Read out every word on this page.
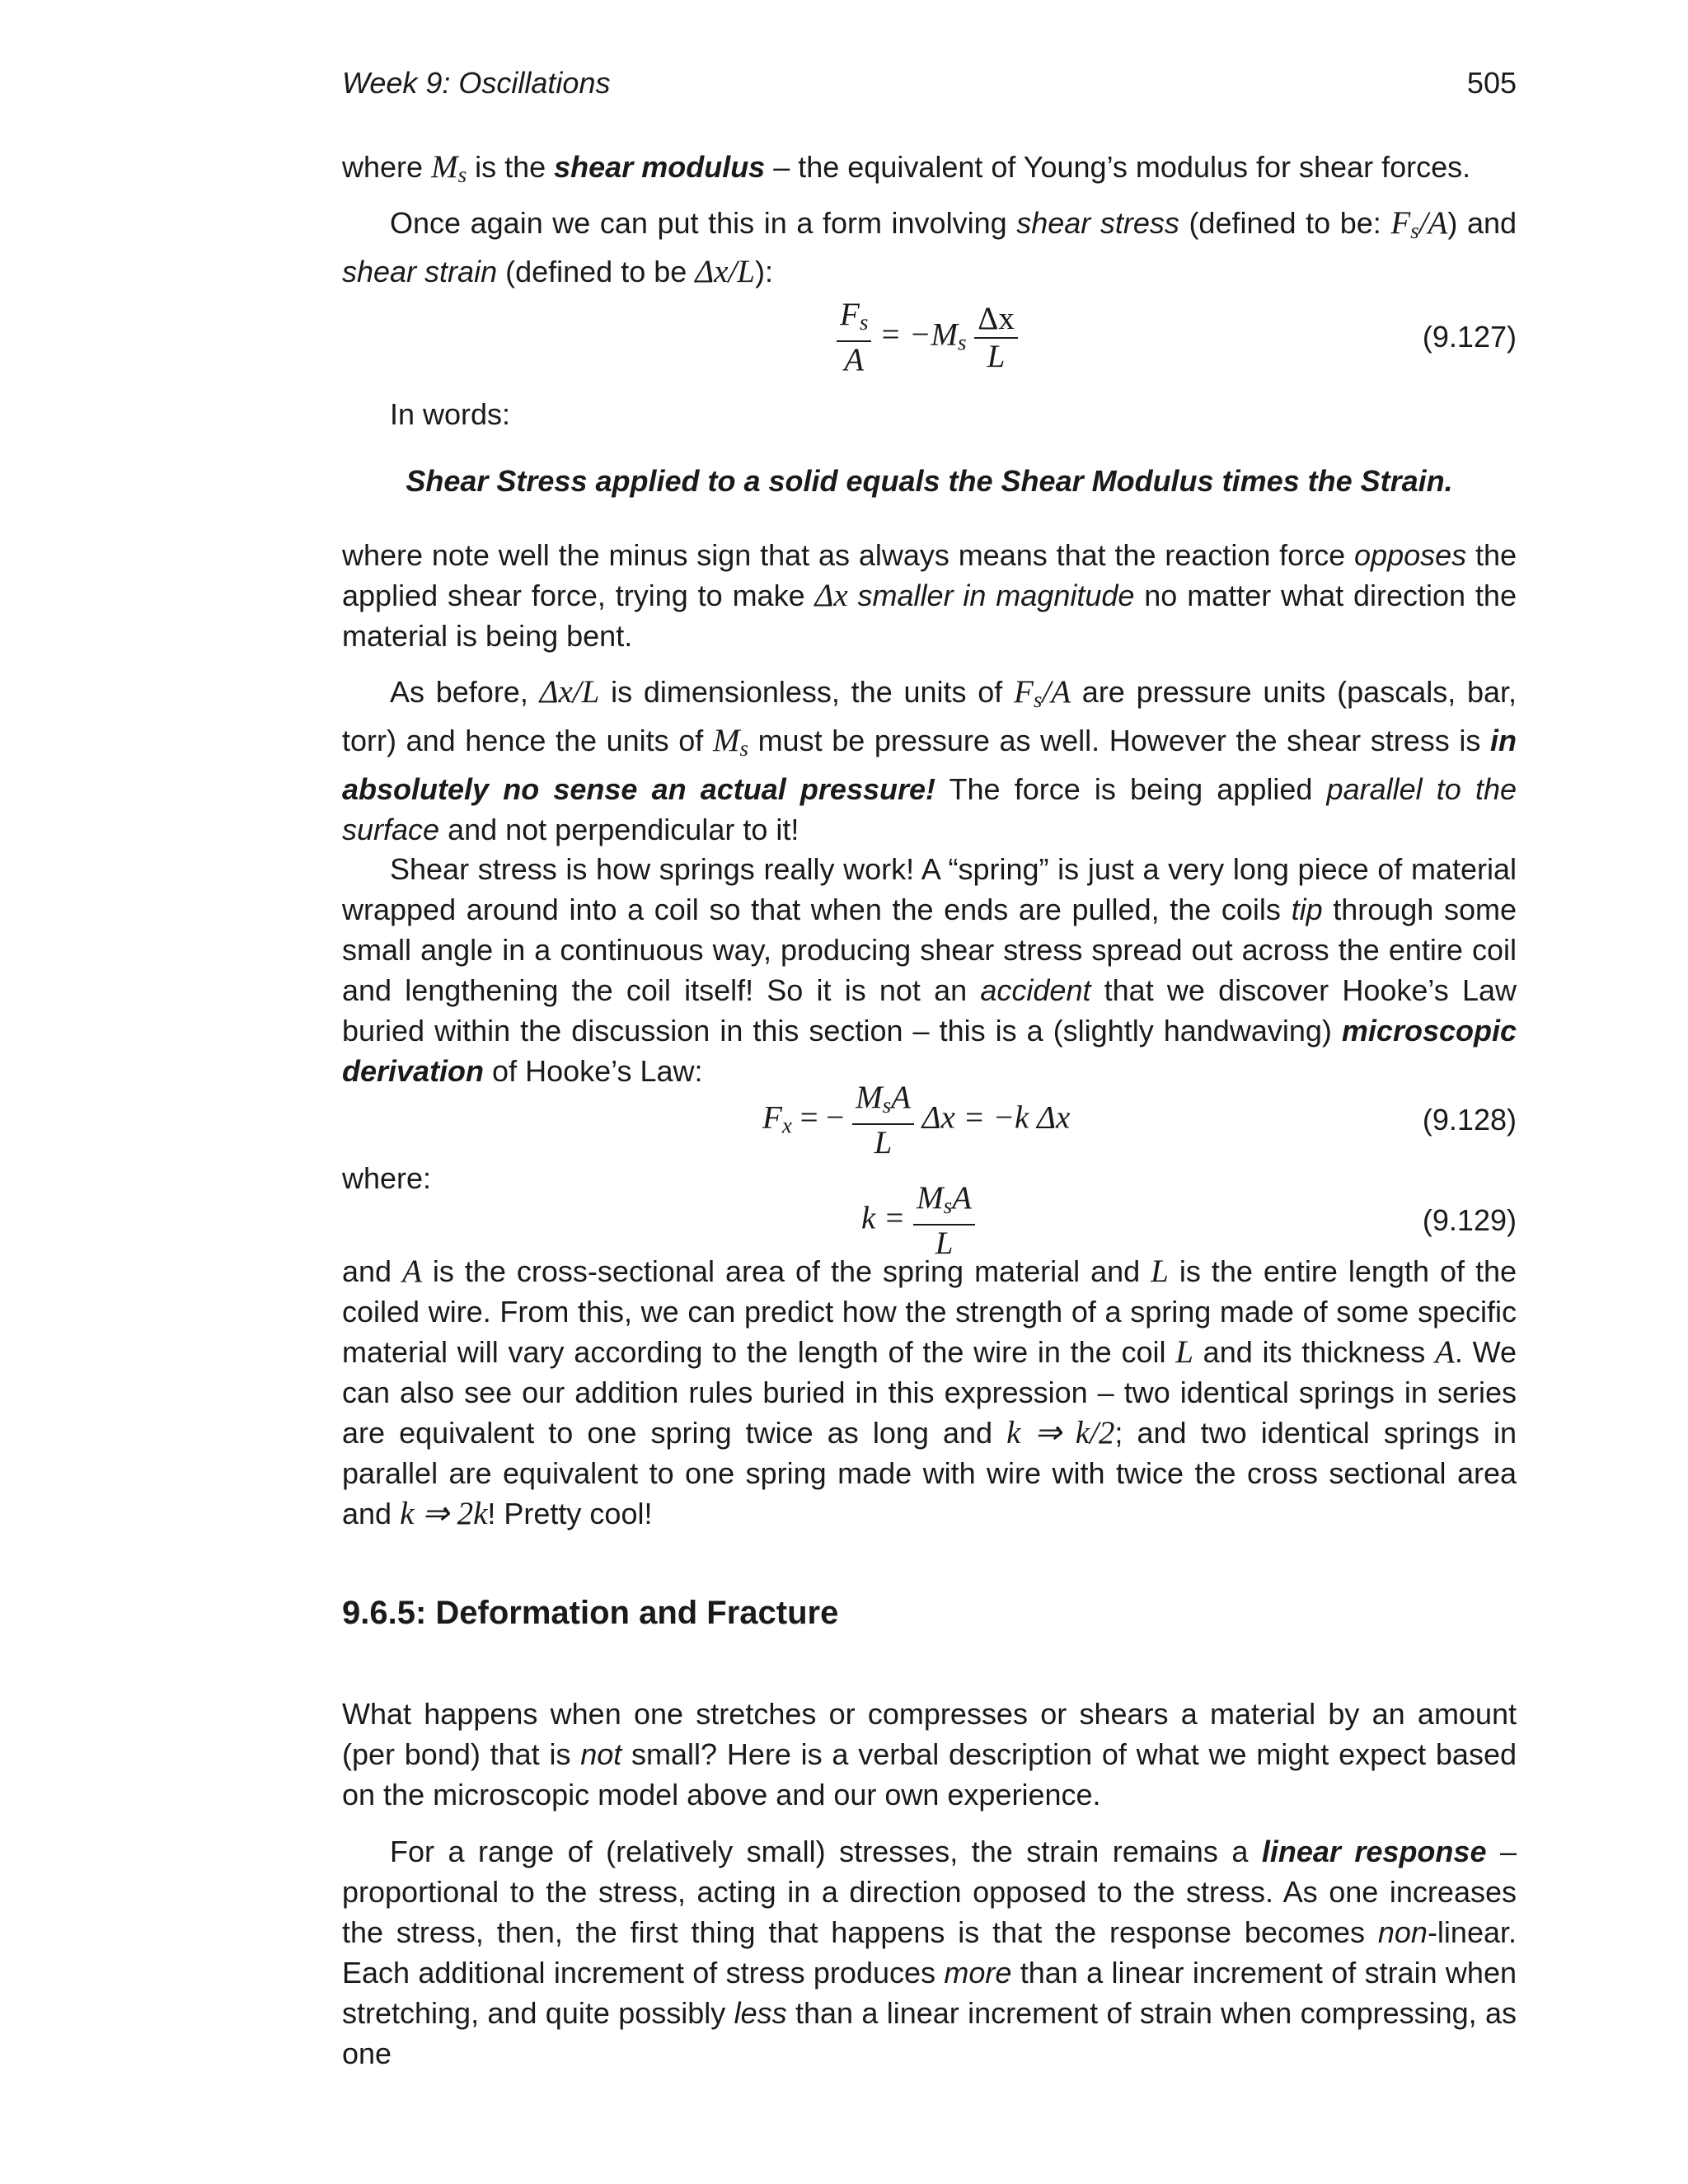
Week 9: Oscillations	505

where $M_s$ is the shear modulus – the equivalent of Young’s modulus for shear forces.

Once again we can put this in a form involving shear stress (defined to be: $F_s/A$) and shear strain (defined to be Δx/L):

$\frac{F_s}{A} = -M_s \frac{\Delta x}{L}$	(9.127)
In words:
Shear Stress applied to a solid equals the Shear Modulus times the Strain.

where note well the minus sign that as always means that the reaction force opposes the applied shear force, trying to make Δx smaller in magnitude no matter what direction the material is being bent.

As before, Δx/L is dimensionless, the units of $F_s/A$ are pressure units (pascals, bar, torr) and hence the units of $M_s$ must be pressure as well. However the shear stress is in absolutely no sense an actual pressure! The force is being applied parallel to the surface and not perpendicular to it!

Shear stress is how springs really work! A “spring” is just a very long piece of material wrapped around into a coil so that when the ends are pulled, the coils tip through some small angle in a continuous way, producing shear stress spread out across the entire coil and lengthening the coil itself! So it is not an accident that we discover Hooke’s Law buried within the discussion in this section – this is a (slightly handwaving) microscopic derivation of Hooke’s Law:

$F_x$ = − $\frac{M_sA}{L}$ Δx = −k Δx	(9.128)
where:
$k = \frac{M_sA}{L}$	(9.129)

and A is the cross-sectional area of the spring material and L is the entire length of the coiled wire. From this, we can predict how the strength of a spring made of some specific material will vary according to the length of the wire in the coil L and its thickness A. We can also see our addition rules buried in this expression – two identical springs in series are equivalent to one spring twice as long and k ⇒ k/2; and two identical springs in parallel are equivalent to one spring made with wire with twice the cross sectional area and k ⇒ 2k! Pretty cool!

9.6.5: Deformation and Fracture

What happens when one stretches or compresses or shears a material by an amount (per bond) that is not small? Here is a verbal description of what we might expect based on the microscopic model above and our own experience.

For a range of (relatively small) stresses, the strain remains a linear response – proportional to the stress, acting in a direction opposed to the stress. As one increases the stress, then, the first thing that happens is that the response becomes non-linear. Each additional increment of stress produces more than a linear increment of strain when stretching, and quite possibly less than a linear increment of strain when compressing, as one
